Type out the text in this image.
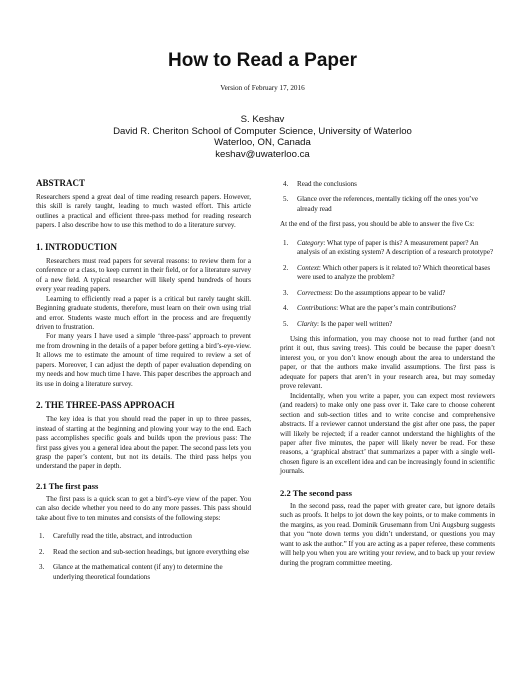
How to Read a Paper
Version of February 17, 2016
S. Keshav
David R. Cheriton School of Computer Science, University of Waterloo
Waterloo, ON, Canada
keshav@uwaterloo.ca
ABSTRACT

Researchers spend a great deal of time reading research papers. However, this skill is rarely taught, leading to much wasted effort. This article outlines a practical and efficient three-pass method for reading research papers. I also describe how to use this method to do a literature survey.

1. INTRODUCTION

Researchers must read papers for several reasons: to review them for a conference or a class, to keep current in their field, or for a literature survey of a new field. A typical researcher will likely spend hundreds of hours every year reading papers.

Learning to efficiently read a paper is a critical but rarely taught skill. Beginning graduate students, therefore, must learn on their own using trial and error. Students waste much effort in the process and are frequently driven to frustration.

For many years I have used a simple ‘three-pass’ approach to prevent me from drowning in the details of a paper before getting a bird’s-eye-view. It allows me to estimate the amount of time required to review a set of papers. Moreover, I can adjust the depth of paper evaluation depending on my needs and how much time I have. This paper describes the approach and its use in doing a literature survey.

2. THE THREE-PASS APPROACH

The key idea is that you should read the paper in up to three passes, instead of starting at the beginning and plowing your way to the end. Each pass accomplishes specific goals and builds upon the previous pass: The first pass gives you a general idea about the paper. The second pass lets you grasp the paper’s content, but not its details. The third pass helps you understand the paper in depth.

2.1 The first pass

The first pass is a quick scan to get a bird’s-eye view of the paper. You can also decide whether you need to do any more passes. This pass should take about five to ten minutes and consists of the following steps:

1. Carefully read the title, abstract, and introduction
2. Read the section and sub-section headings, but ignore everything else
3. Glance at the mathematical content (if any) to determine the underlying theoretical foundations
4. Read the conclusions
5. Glance over the references, mentally ticking off the ones you’ve already read

At the end of the first pass, you should be able to answer the five Cs:

1. Category: What type of paper is this? A measurement paper? An analysis of an existing system? A description of a research prototype?
2. Context: Which other papers is it related to? Which theoretical bases were used to analyze the problem?
3. Correctness: Do the assumptions appear to be valid?
4. Contributions: What are the paper’s main contributions?
5. Clarity: Is the paper well written?

Using this information, you may choose not to read further (and not print it out, thus saving trees). This could be because the paper doesn’t interest you, or you don’t know enough about the area to understand the paper, or that the authors make invalid assumptions. The first pass is adequate for papers that aren’t in your research area, but may someday prove relevant.

Incidentally, when you write a paper, you can expect most reviewers (and readers) to make only one pass over it. Take care to choose coherent section and sub-section titles and to write concise and comprehensive abstracts. If a reviewer cannot understand the gist after one pass, the paper will likely be rejected; if a reader cannot understand the highlights of the paper after five minutes, the paper will likely never be read. For these reasons, a ‘graphical abstract’ that summarizes a paper with a single well-chosen figure is an excellent idea and can be increasingly found in scientific journals.

2.2 The second pass

In the second pass, read the paper with greater care, but ignore details such as proofs. It helps to jot down the key points, or to make comments in the margins, as you read. Dominik Grusemann from Uni Augsburg suggests that you “note down terms you didn’t understand, or questions you may want to ask the author.” If you are acting as a paper referee, these comments will help you when you are writing your review, and to back up your review during the program committee meeting.
